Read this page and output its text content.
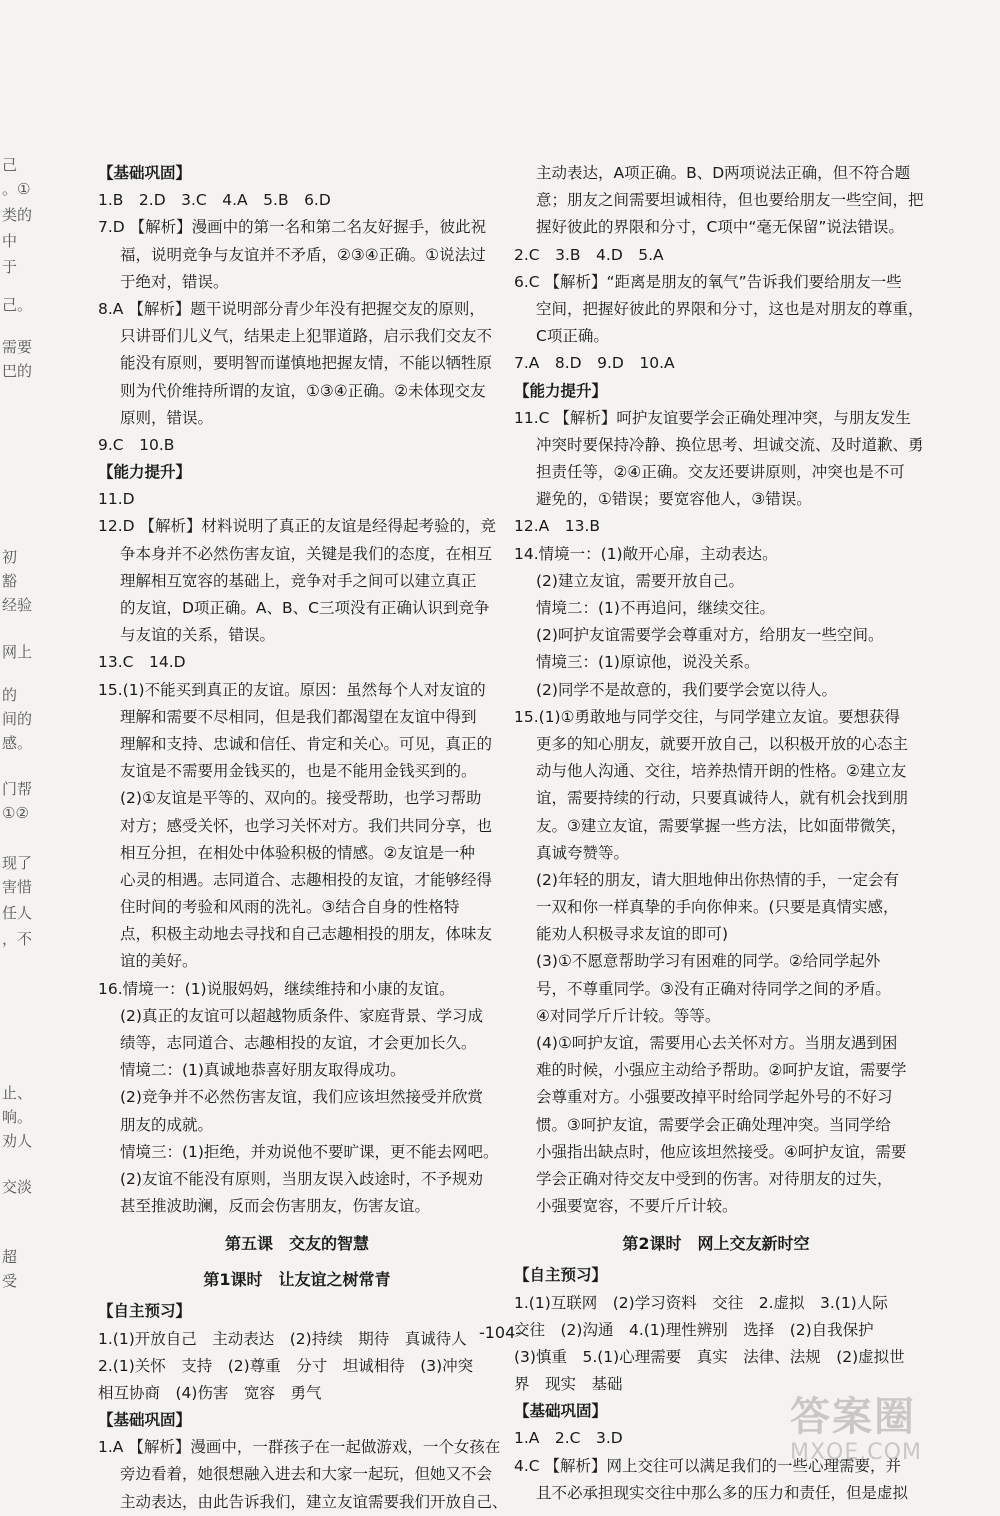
己
。①
类的
中
于
己。
需要
巴的
初
豁
经验
网上
的
间的
感。
门帮
①②
现了
害惜
任人
，不
止、
响。
劝人
交淡
超
受
【基础巩固】
1.B　2.D　3.C　4.A　5.B　6.D
7.D 【解析】漫画中的第一名和第二名友好握手，彼此祝
福，说明竞争与友谊并不矛盾，②③④正确。①说法过
于绝对，错误。
8.A 【解析】题干说明部分青少年没有把握交友的原则，
只讲哥们儿义气，结果走上犯罪道路，启示我们交友不
能没有原则，要明智而谨慎地把握友情，不能以牺牲原
则为代价维持所谓的友谊，①③④正确。②未体现交友
原则，错误。
9.C　10.B
【能力提升】
11.D
12.D 【解析】材料说明了真正的友谊是经得起考验的，竞
争本身并不必然伤害友谊，关键是我们的态度，在相互
理解相互宽容的基础上，竞争对手之间可以建立真正
的友谊，D项正确。A、B、C三项没有正确认识到竞争
与友谊的关系，错误。
13.C　14.D
15.(1)不能买到真正的友谊。原因：虽然每个人对友谊的
理解和需要不尽相同，但是我们都渴望在友谊中得到
理解和支持、忠诚和信任、肯定和关心。可见，真正的
友谊是不需要用金钱买的，也是不能用金钱买到的。
(2)①友谊是平等的、双向的。接受帮助，也学习帮助
对方；感受关怀，也学习关怀对方。我们共同分享，也
相互分担，在相处中体验积极的情感。②友谊是一种
心灵的相遇。志同道合、志趣相投的友谊，才能够经得
住时间的考验和风雨的洗礼。③结合自身的性格特
点，积极主动地去寻找和自己志趣相投的朋友，体味友
谊的美好。
16.情境一：(1)说服妈妈，继续维持和小康的友谊。
(2)真正的友谊可以超越物质条件、家庭背景、学习成
绩等，志同道合、志趣相投的友谊，才会更加长久。
情境二：(1)真诚地恭喜好朋友取得成功。
(2)竞争并不必然伤害友谊，我们应该坦然接受并欣赏
朋友的成就。
情境三：(1)拒绝，并劝说他不要旷课，更不能去网吧。
(2)友谊不能没有原则，当朋友误入歧途时，不予规劝
甚至推波助澜，反而会伤害朋友，伤害友谊。
第五课　交友的智慧
第1课时　让友谊之树常青
【自主预习】
1.(1)开放自己　主动表达　(2)持续　期待　真诚待人
2.(1)关怀　支持　(2)尊重　分寸　坦诚相待　(3)冲突
相互协商　(4)伤害　宽容　勇气
【基础巩固】
1.A 【解析】漫画中，一群孩子在一起做游戏，一个女孩在
旁边看着，她很想融入进去和大家一起玩，但她又不会
主动表达，由此告诉我们，建立友谊需要我们开放自己、
主动表达，A项正确。B、D两项说法正确，但不符合题
意；朋友之间需要坦诚相待，但也要给朋友一些空间，把
握好彼此的界限和分寸，C项中“毫无保留”说法错误。
2.C　3.B　4.D　5.A
6.C 【解析】“距离是朋友的氧气”告诉我们要给朋友一些
空间，把握好彼此的界限和分寸，这也是对朋友的尊重，
C项正确。
7.A　8.D　9.D　10.A
【能力提升】
11.C 【解析】呵护友谊要学会正确处理冲突，与朋友发生
冲突时要保持冷静、换位思考、坦诚交流、及时道歉、勇
担责任等，②④正确。交友还要讲原则，冲突也是不可
避免的，①错误；要宽容他人，③错误。
12.A　13.B
14.情境一：(1)敞开心扉，主动表达。
(2)建立友谊，需要开放自己。
情境二：(1)不再追问，继续交往。
(2)呵护友谊需要学会尊重对方，给朋友一些空间。
情境三：(1)原谅他，说没关系。
(2)同学不是故意的，我们要学会宽以待人。
15.(1)①勇敢地与同学交往，与同学建立友谊。要想获得
更多的知心朋友，就要开放自己，以积极开放的心态主
动与他人沟通、交往，培养热情开朗的性格。②建立友
谊，需要持续的行动，只要真诚待人，就有机会找到朋
友。③建立友谊，需要掌握一些方法，比如面带微笑，
真诚夸赞等。
(2)年轻的朋友，请大胆地伸出你热情的手，一定会有
一双和你一样真挚的手向你伸来。(只要是真情实感，
能劝人积极寻求友谊的即可)
(3)①不愿意帮助学习有困难的同学。②给同学起外
号，不尊重同学。③没有正确对待同学之间的矛盾。
④对同学斤斤计较。等等。
(4)①呵护友谊，需要用心去关怀对方。当朋友遇到困
难的时候，小强应主动给予帮助。②呵护友谊，需要学
会尊重对方。小强要改掉平时给同学起外号的不好习
惯。③呵护友谊，需要学会正确处理冲突。当同学给
小强指出缺点时，他应该坦然接受。④呵护友谊，需要
学会正确对待交友中受到的伤害。对待朋友的过失，
小强要宽容，不要斤斤计较。
第2课时　网上交友新时空
【自主预习】
1.(1)互联网　(2)学习资料　交往　2.虚拟　3.(1)人际
交往　(2)沟通　4.(1)理性辨别　选择　(2)自我保护
(3)慎重　5.(1)心理需要　真实　法律、法规　(2)虚拟世
界　现实　基础
【基础巩固】
1.A　2.C　3.D
4.C 【解析】网上交往可以满足我们的一些心理需要，并
且不必承担现实交往中那么多的压力和责任，但是虚拟
-104-
答案圈
MXQE.COM
